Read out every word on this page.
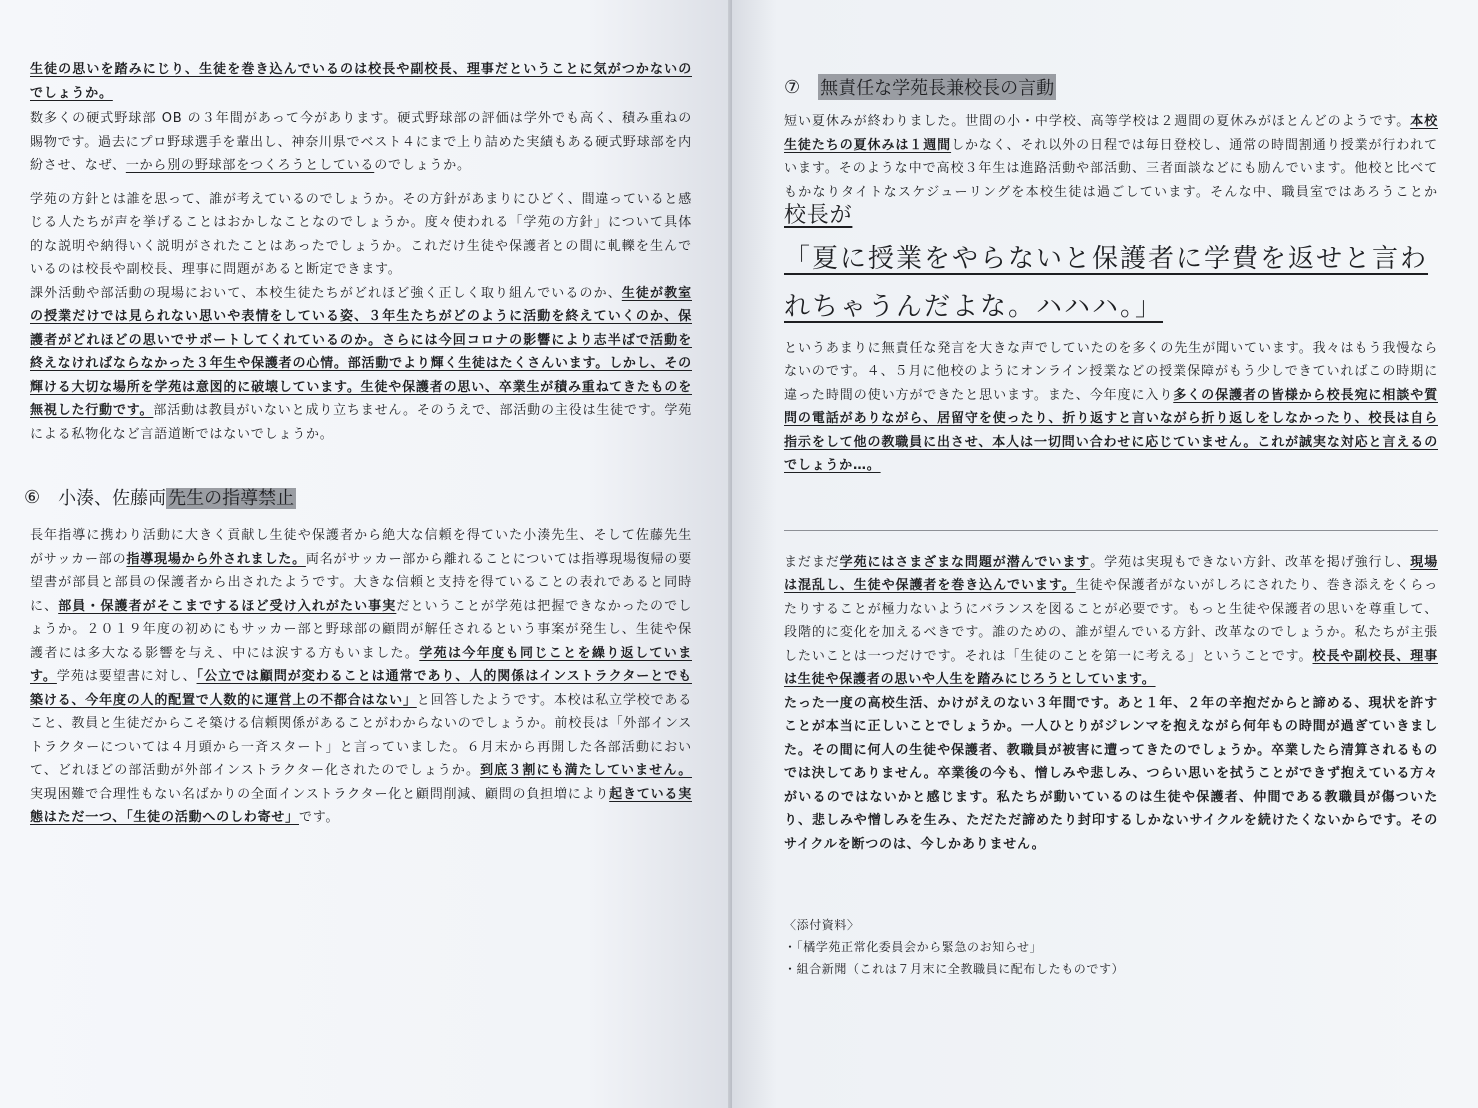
生徒の思いを踏みにじり、生徒を巻き込んでいるのは校長や副校長、理事だということに気がつかないのでしょうか。

数多くの硬式野球部 OB の３年間があって今があります。硬式野球部の評価は学外でも高く、積み重ねの賜物です。過去にプロ野球選手を輩出し、神奈川県でベスト４にまで上り詰めた実績もある硬式野球部を内紛させ、なぜ、一から別の野球部をつくろうとしているのでしょうか。

学苑の方針とは誰を思って、誰が考えているのでしょうか。その方針があまりにひどく、間違っていると感じる人たちが声を挙げることはおかしなことなのでしょうか。度々使われる「学苑の方針」について具体的な説明や納得いく説明がされたことはあったでしょうか。これだけ生徒や保護者との間に軋轢を生んでいるのは校長や副校長、理事に問題があると断定できます。

課外活動や部活動の現場において、本校生徒たちがどれほど強く正しく取り組んでいるのか、生徒が教室の授業だけでは見られない思いや表情をしている姿、３年生たちがどのように活動を終えていくのか、保護者がどれほどの思いでサポートしてくれているのか。さらには今回コロナの影響により志半ばで活動を終えなければならなかった３年生や保護者の心情。部活動でより輝く生徒はたくさんいます。しかし、その輝ける大切な場所を学苑は意図的に破壊しています。生徒や保護者の思い、卒業生が積み重ねてきたものを無視した行動です。部活動は教員がいないと成り立ちません。そのうえで、部活動の主役は生徒です。学苑による私物化など言語道断ではないでしょうか。

⑥ 小湊、佐藤両 先生の指導禁止

長年指導に携わり活動に大きく貢献し生徒や保護者から絶大な信頼を得ていた小湊先生、そして佐藤先生がサッカー部の指導現場から外されました。両名がサッカー部から離れることについては指導現場復帰の要望書が部員と部員の保護者から出されたようです。大きな信頼と支持を得ていることの表れであると同時に、部員・保護者がそこまでするほど受け入れがたい事実だということが学苑は把握できなかったのでしょうか。２０１９年度の初めにもサッカー部と野球部の顧問が解任されるという事案が発生し、生徒や保護者には多大なる影響を与え、中には涙する方もいました。学苑は今年度も同じことを繰り返しています。学苑は要望書に対し、「公立では顧問が変わることは通常であり、人的関係はインストラクターとでも築ける、今年度の人的配置で人数的に運営上の不都合はない」と回答したようです。本校は私立学校であること、教員と生徒だからこそ築ける信頼関係があることがわからないのでしょうか。前校長は「外部インストラクターについては４月頭から一斉スタート」と言っていました。６月末から再開した各部活動において、どれほどの部活動が外部インストラクター化されたのでしょうか。到底３割にも満たしていません。実現困難で合理性もない名ばかりの全面インストラクター化と顧問削減、顧問の負担増により起きている実態はただ一つ、「生徒の活動へのしわ寄せ」です。

⑦ 無責任な学苑長兼校長の言動

短い夏休みが終わりました。世間の小・中学校、高等学校は２週間の夏休みがほとんどのようです。本校生徒たちの夏休みは１週間しかなく、それ以外の日程では毎日登校し、通常の時間割通り授業が行われています。そのような中で高校３年生は進路活動や部活動、三者面談などにも励んでいます。他校と比べてもかなりタイトなスケジューリングを本校生徒は過ごしています。そんな中、職員室ではあろうことか校長が

「夏に授業をやらないと保護者に学費を返せと言われちゃうんだよな。ハハハ。」

というあまりに無責任な発言を大きな声でしていたのを多くの先生が聞いています。我々はもう我慢ならないのです。４、５月に他校のようにオンライン授業などの授業保障がもう少しできていればこの時期に違った時間の使い方ができたと思います。また、今年度に入り多くの保護者の皆様から校長宛に相談や質問の電話がありながら、居留守を使ったり、折り返すと言いながら折り返しをしなかったり、校長は自ら指示をして他の教職員に出させ、本人は一切問い合わせに応じていません。これが誠実な対応と言えるのでしょうか…。

まだまだ学苑にはさまざまな問題が潜んでいます。学苑は実現もできない方針、改革を掲げ強行し、現場は混乱し、生徒や保護者を巻き込んでいます。生徒や保護者がないがしろにされたり、巻き添えをくらったりすることが極力ないようにバランスを図ることが必要です。もっと生徒や保護者の思いを尊重して、段階的に変化を加えるべきです。誰のための、誰が望んでいる方針、改革なのでしょうか。私たちが主張したいことは一つだけです。それは「生徒のことを第一に考える」ということです。校長や副校長、理事は生徒や保護者の思いや人生を踏みにじろうとしています。

たった一度の高校生活、かけがえのない３年間です。あと１年、２年の辛抱だからと諦める、現状を許すことが本当に正しいことでしょうか。一人ひとりがジレンマを抱えながら何年もの時間が過ぎていきました。その間に何人の生徒や保護者、教職員が被害に遭ってきたのでしょうか。卒業したら清算されるものでは決してありません。卒業後の今も、憎しみや悲しみ、つらい思いを拭うことができず抱えている方々がいるのではないかと感じます。私たちが動いているのは生徒や保護者、仲間である教職員が傷ついたり、悲しみや憎しみを生み、ただただ諦めたり封印するしかないサイクルを続けたくないからです。そのサイクルを断つのは、今しかありません。

〈添付資料〉

・「橘学苑正常化委員会から緊急のお知らせ」

・組合新聞（これは７月末に全教職員に配布したものです）
